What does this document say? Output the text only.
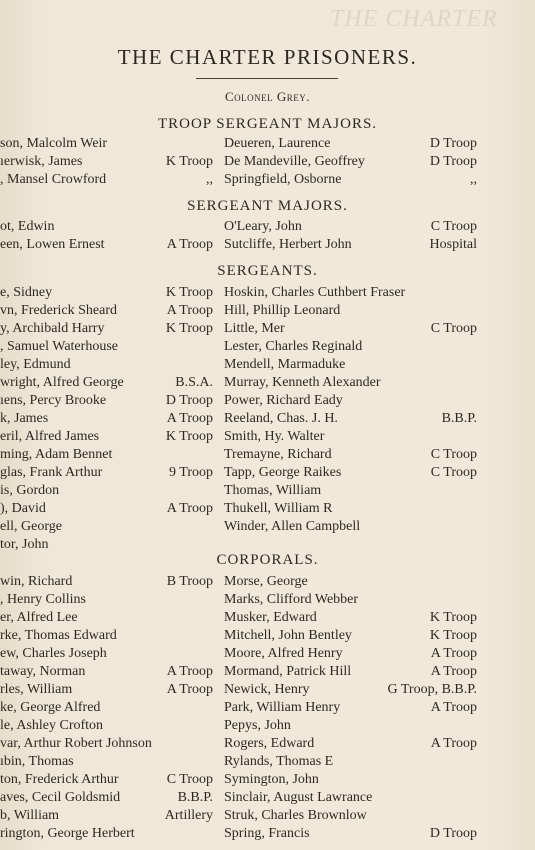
THE CHARTER
THE CHARTER PRISONERS.
Colonel Grey.
TROOP SERGEANT MAJORS.
son, Malcolm Weir	Deueren, Laurence	D Troop
ıerwisk, James	K Troop De Mandeville, Geoffrey	D Troop
, Mansel Crowford	,, Springfield, Osborne	,,
SERGEANT MAJORS.
ot, Edwin	O'Leary, John	C Troop
een, Lowen Ernest	A Troop Sutcliffe, Herbert John	Hospital
SERGEANTS.
e, Sidney	K Troop Hoskin, Charles Cuthbert Fraser
vn, Frederick Sheard	A Troop Hill, Phillip Leonard
y, Archibald Harry	K Troop Little, Mer	C Troop
, Samuel Waterhouse	Lester, Charles Reginald
ley, Edmund	Mendell, Marmaduke
wright, Alfred George	B.S.A. Murray, Kenneth Alexander
ıens, Percy Brooke	D Troop Power, Richard Eady
k, James	A Troop Reeland, Chas. J. H.	B.B.P.
eril, Alfred James	K Troop Smith, Hy. Walter
ming, Adam Bennet	Tremayne, Richard	C Troop
glas, Frank Arthur	9 Troop Tapp, George Raikes	C Troop
is, Gordon	Thomas, William
), David	A Troop Thukell, William R
ell, George	Winder, Allen Campbell
tor, John
CORPORALS.
win, Richard	B Troop Morse, George
, Henry Collins	Marks, Clifford Webber
er, Alfred Lee	Musker, Edward	K Troop
rke, Thomas Edward	Mitchell, John Bentley	K Troop
ew, Charles Joseph	Moore, Alfred Henry	A Troop
taway, Norman	A Troop Mormand, Patrick Hill	A Troop
rles, William	A Troop Newick, Henry	G Troop, B.B.P.
ke, George Alfred	Park, William Henry	A Troop
le, Ashley Crofton	Pepys, John
var, Arthur Robert Johnson	Rogers, Edward	A Troop
ıbin, Thomas	Rylands, Thomas E
ton, Frederick Arthur	C Troop Symington, John
aves, Cecil Goldsmid	B.B.P. Sinclair, August Lawrance
b, William	Artillery Struk, Charles Brownlow
rington, George Herbert	Spring, Francis	D Troop
